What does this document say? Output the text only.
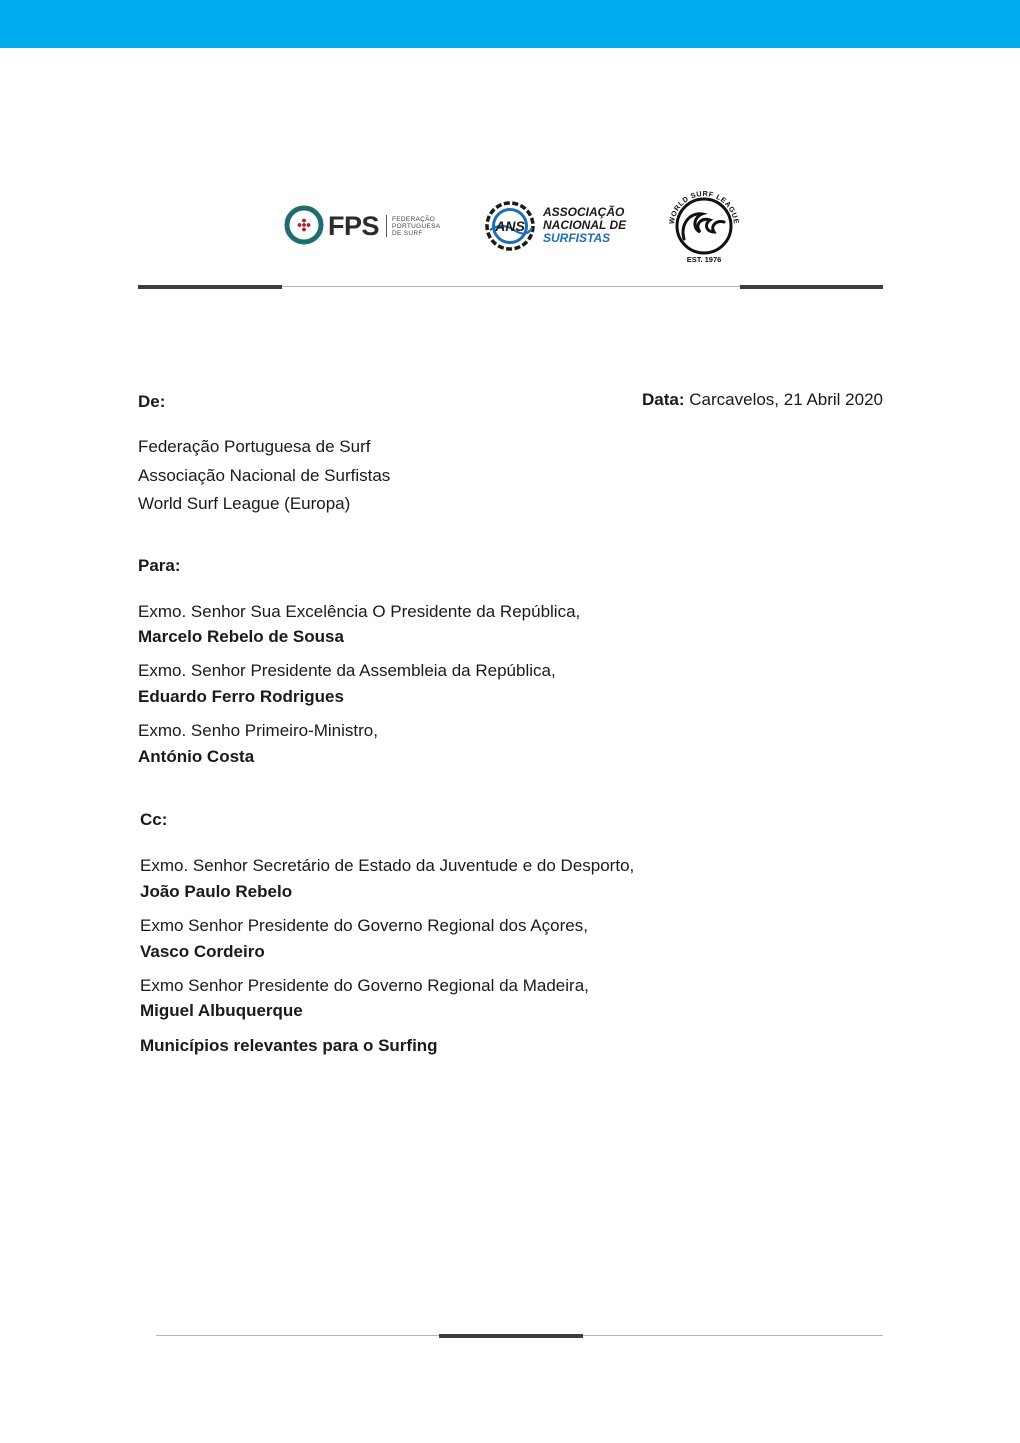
FPS FEDERAÇÃO
PORTUGUESA
DE SURF	ANS
ASSOCIAÇÃO
NACIONAL DE
SURFISTAS
WORLD SURF LEAGUE
EST. 1976
De:	Data: Carcavelos, 21 Abril 2020
Federação Portuguesa de Surf
Associação Nacional de Surfistas
World Surf League (Europa)
Para:
Exmo. Senhor Sua Excelência O Presidente da República,
Marcelo Rebelo de Sousa
Exmo. Senhor Presidente da Assembleia da República,
Eduardo Ferro Rodrigues
Exmo. Senho Primeiro-Ministro,
António Costa
Cc:
Exmo. Senhor Secretário de Estado da Juventude e do Desporto,
João Paulo Rebelo
Exmo Senhor Presidente do Governo Regional dos Açores,
Vasco Cordeiro
Exmo Senhor Presidente do Governo Regional da Madeira,
Miguel Albuquerque
Municípios relevantes para o Surfing
